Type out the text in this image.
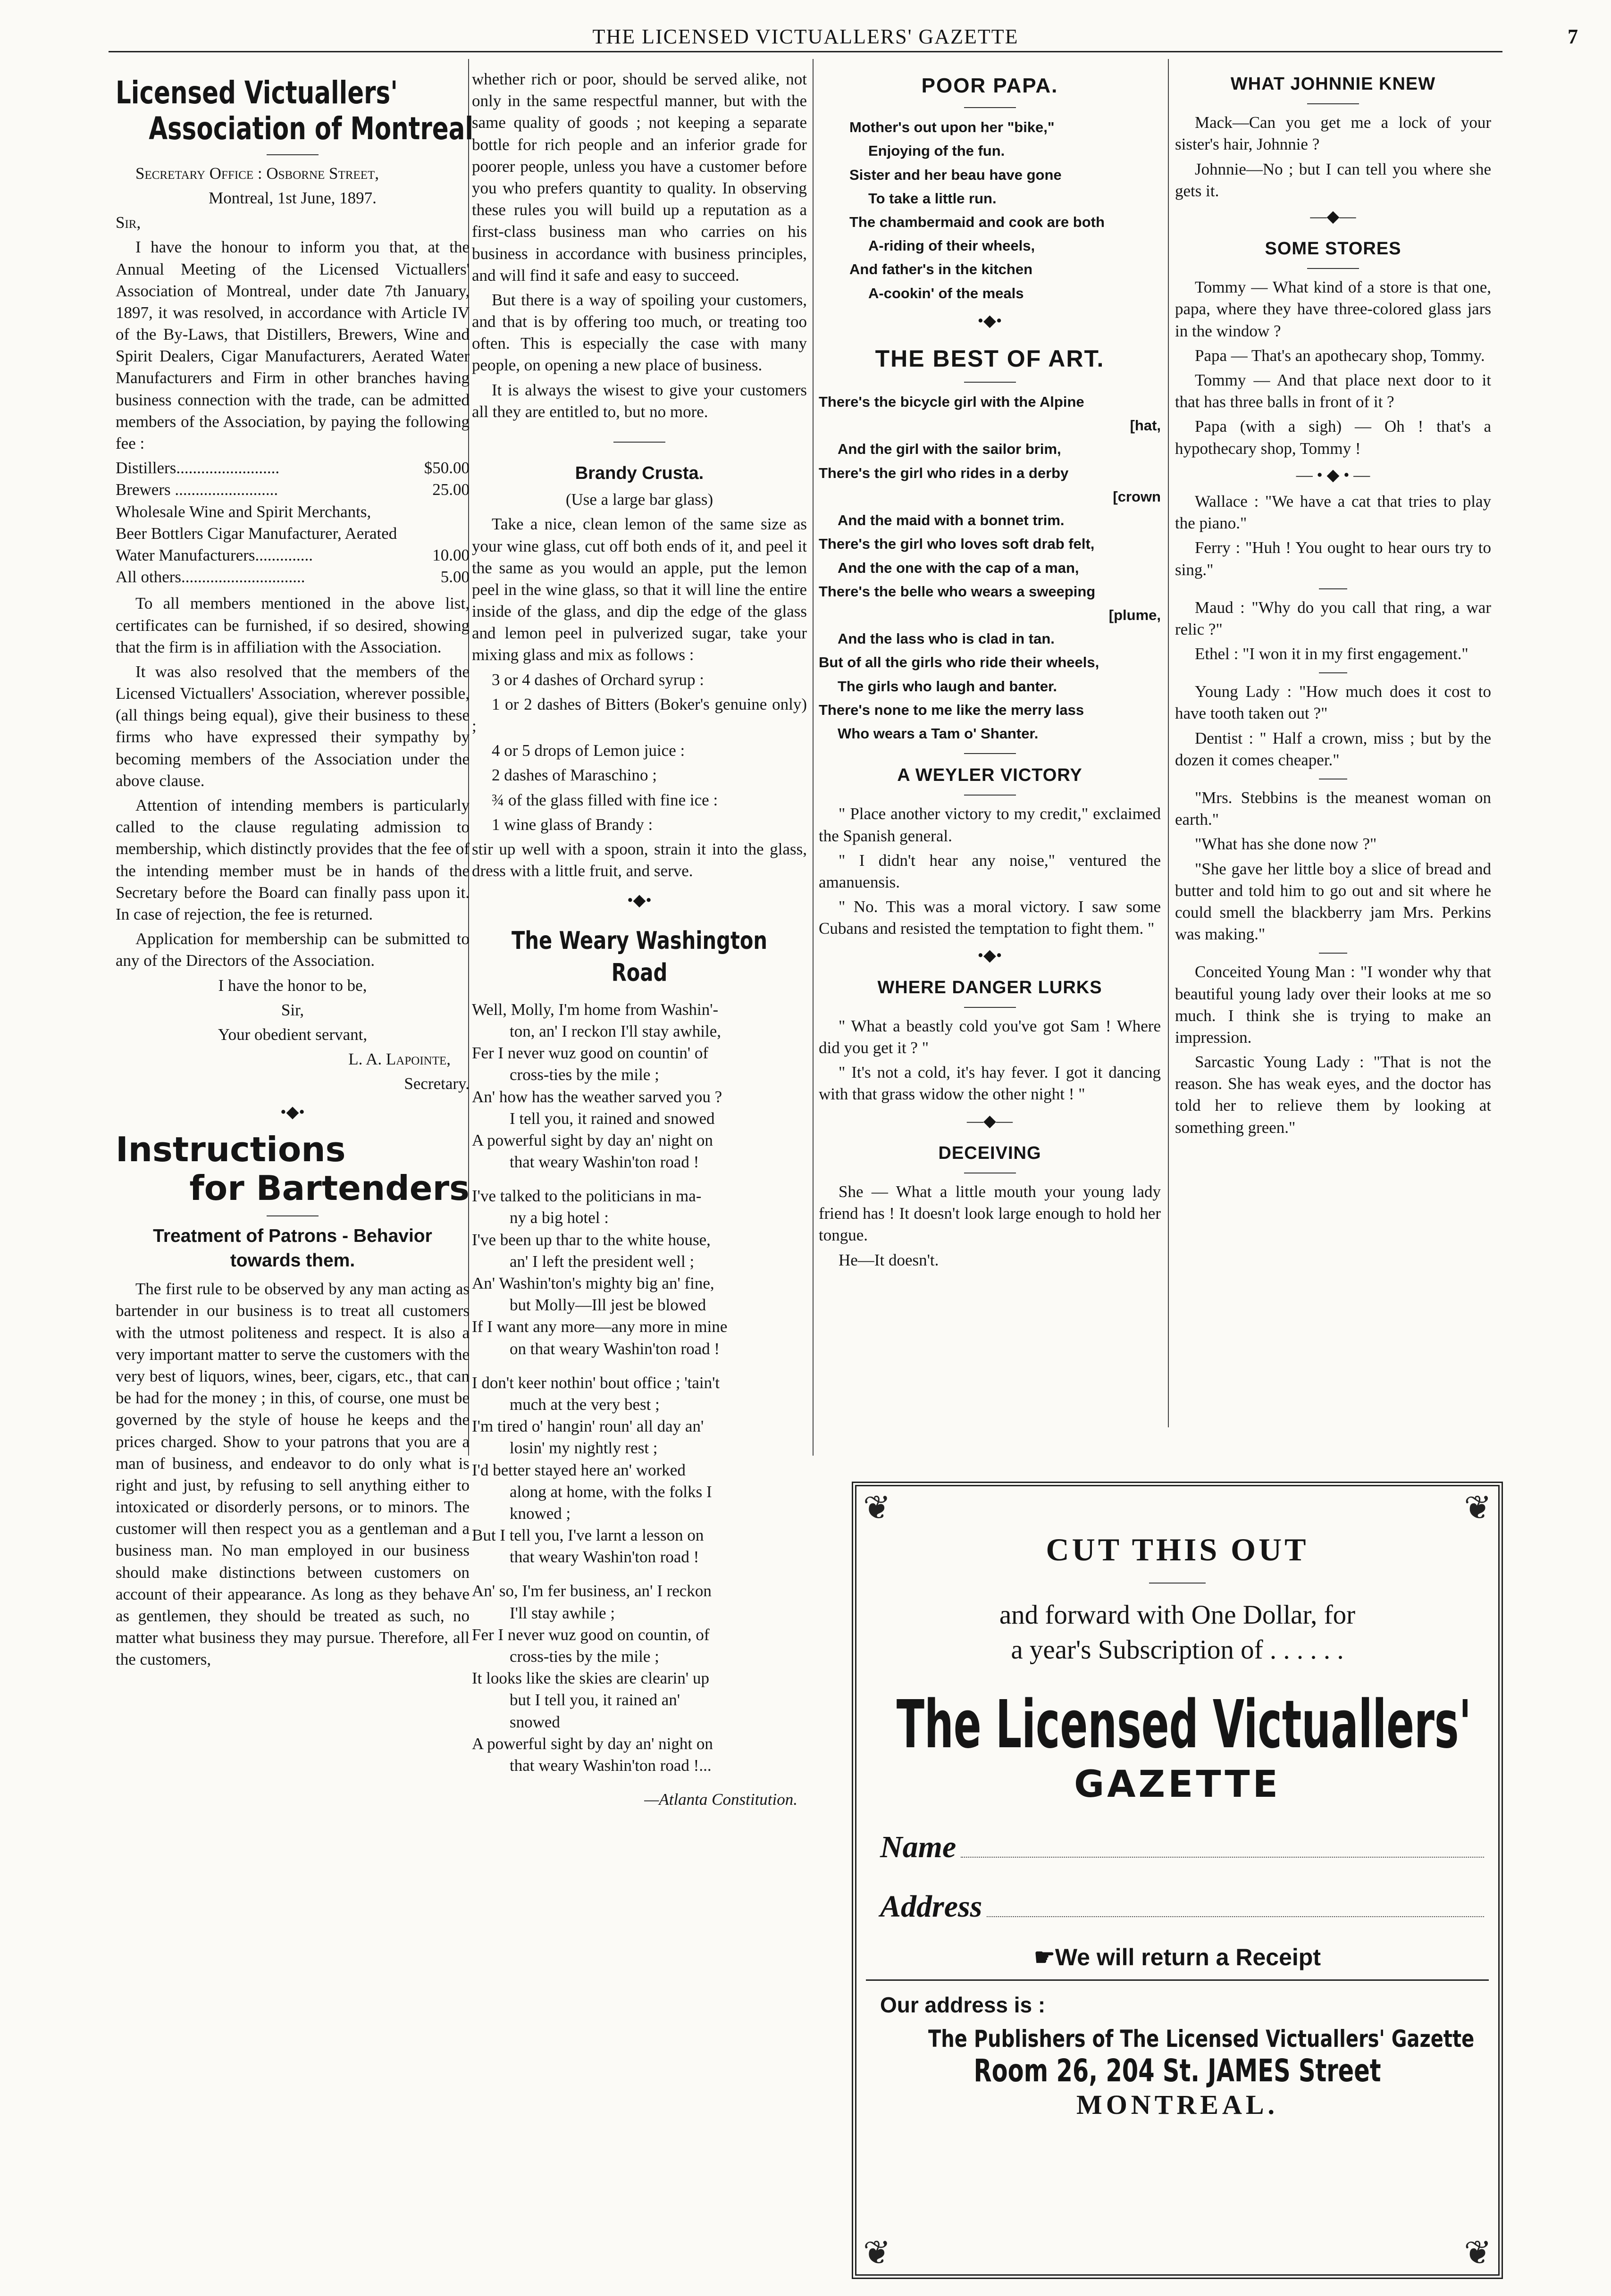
THE LICENSED VICTUALLERS' GAZETTE	7
Licensed Victuallers'
Association of Montreal

Secretary Office : Osborne Street,

Montreal, 1st June, 1897.

Sir,

I have the honour to inform you that, at the Annual Meeting of the Licensed Victuallers' Association of Montreal, under date 7th January, 1897, it was resolved, in accordance with Article IV of the By-Laws, that Distillers, Brewers, Wine and Spirit Dealers, Cigar Manufacturers, Aerated Water Manufacturers and Firm in other branches having business connection with the trade, can be admitted members of the Association, by paying the following fee :

Distillers.........................	$50.00
Brewers .........................	25.00
Wholesale Wine and Spirit Merchants, Beer Bottlers Cigar Manufacturer, Aerated Water Manufacturers..............	10.00
All others..............................	5.00

To all members mentioned in the above list, certificates can be furnished, if so desired, showing that the firm is in affiliation with the Association.

It was also resolved that the members of the Licensed Victuallers' Association, wherever possible, (all things being equal), give their business to these firms who have expressed their sympathy by becoming members of the Association under the above clause.

Attention of intending members is particularly called to the clause regulating admission to membership, which distinctly provides that the fee of the intending member must be in hands of the Secretary before the Board can finally pass upon it. In case of rejection, the fee is returned.

Application for membership can be submitted to any of the Directors of the Association.

I have the honor to be,

Sir,

Your obedient servant,

L. A. Lapointe,

Secretary.

•◆•
Instructions
for Bartenders
Treatment of Patrons - Behavior towards them.

The first rule to be observed by any man acting as bartender in our business is to treat all customers with the utmost politeness and respect. It is also a very important matter to serve the customers with the very best of liquors, wines, beer, cigars, etc., that can be had for the money ; in this, of course, one must be governed by the style of house he keeps and the prices charged. Show to your patrons that you are a man of business, and endeavor to do only what is right and just, by refusing to sell anything either to intoxicated or disorderly persons, or to minors. The customer will then respect you as a gentleman and a business man. No man employed in our business should make distinctions between customers on account of their appearance. As long as they behave as gentlemen, they should be treated as such, no matter what business they may pursue. Therefore, all the customers,

whether rich or poor, should be served alike, not only in the same respectful manner, but with the same quality of goods ; not keeping a separate bottle for rich people and an inferior grade for poorer people, unless you have a customer before you who prefers quantity to quality. In observing these rules you will build up a reputation as a first-class business man who carries on his business in accordance with business principles, and will find it safe and easy to succeed.

But there is a way of spoiling your customers, and that is by offering too much, or treating too often. This is especially the case with many people, on opening a new place of business.

It is always the wisest to give your customers all they are entitled to, but no more.

Brandy Crusta.

(Use a large bar glass)

Take a nice, clean lemon of the same size as your wine glass, cut off both ends of it, and peel it the same as you would an apple, put the lemon peel in the wine glass, so that it will line the entire inside of the glass, and dip the edge of the glass and lemon peel in pulverized sugar, take your mixing glass and mix as follows :

3 or 4 dashes of Orchard syrup :

1 or 2 dashes of Bitters (Boker's genuine only) ;

4 or 5 drops of Lemon juice :

2 dashes of Maraschino ;

¾ of the glass filled with fine ice :

1 wine glass of Brandy :

stir up well with a spoon, strain it into the glass, dress with a little fruit, and serve.

•◆•
The Weary Washington Road
Well, Molly, I'm home from Washin'-
ton, an' I reckon I'll stay awhile,
Fer I never wuz good on countin' of
cross-ties by the mile ;
An' how has the weather sarved you ?
I tell you, it rained and snowed
A powerful sight by day an' night on
that weary Washin'ton road !
I've talked to the politicians in ma-
ny a big hotel :
I've been up thar to the white house,
an' I left the president well ;
An' Washin'ton's mighty big an' fine,
but Molly—Ill jest be blowed
If I want any more—any more in mine
on that weary Washin'ton road !
I don't keer nothin' bout office ; 'tain't
much at the very best ;
I'm tired o' hangin' roun' all day an'
losin' my nightly rest ;
I'd better stayed here an' worked
along at home, with the folks I
knowed ;
But I tell you, I've larnt a lesson on
that weary Washin'ton road !
An' so, I'm fer business, an' I reckon
I'll stay awhile ;
Fer I never wuz good on countin, of
cross-ties by the mile ;
It looks like the skies are clearin' up
but I tell you, it rained an'
snowed
A powerful sight by day an' night on
that weary Washin'ton road !...
—Atlanta Constitution.
POOR PAPA.
Mother's out upon her "bike,"
Enjoying of the fun.
Sister and her beau have gone
To take a little run.
The chambermaid and cook are both
A-riding of their wheels,
And father's in the kitchen
A-cookin' of the meals
•◆•
THE BEST OF ART.
There's the bicycle girl with the Alpine
[hat,
And the girl with the sailor brim,
There's the girl who rides in a derby
[crown
And the maid with a bonnet trim.
There's the girl who loves soft drab felt,
And the one with the cap of a man,
There's the belle who wears a sweeping
[plume,
And the lass who is clad in tan.
But of all the girls who ride their wheels,
The girls who laugh and banter.
There's none to me like the merry lass
Who wears a Tam o' Shanter.
A WEYLER VICTORY

" Place another victory to my credit," exclaimed the Spanish general.

" I didn't hear any noise," ventured the amanuensis.

" No. This was a moral victory. I saw some Cubans and resisted the temptation to fight them. "

•◆•
WHERE DANGER LURKS

" What a beastly cold you've got Sam ! Where did you get it ? "

" It's not a cold, it's hay fever. I got it dancing with that grass widow the other night ! "

—◆—
DECEIVING

She — What a little mouth your young lady friend has ! It doesn't look large enough to hold her tongue.

He—It doesn't.

WHAT JOHNNIE KNEW

Mack—Can you get me a lock of your sister's hair, Johnnie ?

Johnnie—No ; but I can tell you where she gets it.

—◆—
SOME STORES

Tommy — What kind of a store is that one, papa, where they have three-colored glass jars in the window ?

Papa — That's an apothecary shop, Tommy.

Tommy — And that place next door to it that has three balls in front of it ?

Papa (with a sigh) — Oh ! that's a hypothecary shop, Tommy !

— • ◆ • —

Wallace : "We have a cat that tries to play the piano."

Ferry : "Huh ! You ought to hear ours try to sing."

Maud : "Why do you call that ring, a war relic ?"

Ethel : "I won it in my first engagement."

Young Lady : "How much does it cost to have tooth taken out ?"

Dentist : " Half a crown, miss ; but by the dozen it comes cheaper."

"Mrs. Stebbins is the meanest woman on earth."

"What has she done now ?"

"She gave her little boy a slice of bread and butter and told him to go out and sit where he could smell the blackberry jam Mrs. Perkins was making."

Conceited Young Man : "I wonder why that beautiful young lady over their looks at me so much. I think she is trying to make an impression.

Sarcastic Young Lady : "That is not the reason. She has weak eyes, and the doctor has told her to relieve them by looking at something green."

❦	❦
❦	❦
CUT THIS OUT
and forward with One Dollar, for
a year's Subscription of . . . . . .
The Licensed Victuallers'
GAZETTE
Name
Address
☛We will return a Receipt
Our address is :
The Publishers of The Licensed Victuallers' Gazette
Room 26, 204 St. JAMES Street
MONTREAL.
